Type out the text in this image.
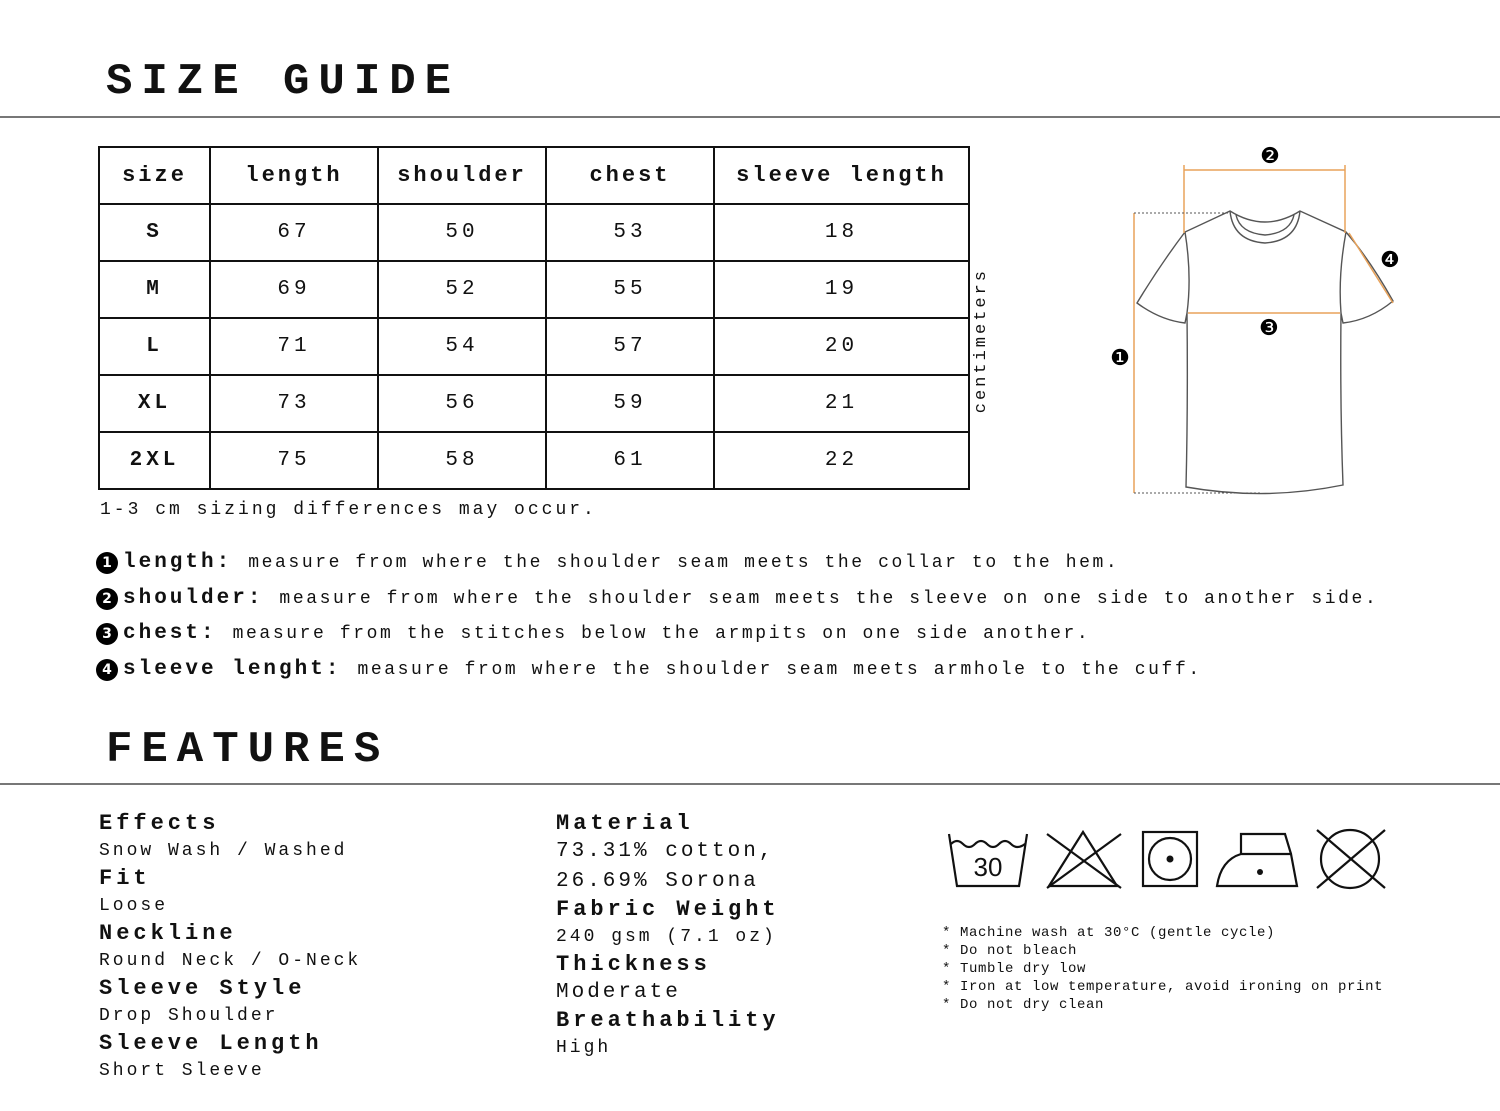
SIZE GUIDE
size	length	shoulder	chest	sleeve length
S	67	50	53	18
M	69	52	55	19
L	71	54	57	20
XL	73	56	59	21
2XL	75	58	61	22
centimeters
1-3 cm sizing differences may occur.
❷
❹
❸
❶
1 length: measure from where the shoulder seam meets the collar to the hem.
2 shoulder: measure from where the shoulder seam meets the sleeve on one side to another side.
3 chest: measure from the stitches below the armpits on one side another.
4 sleeve lenght: measure from where the shoulder seam meets armhole to the cuff.
FEATURES
Effects
Snow Wash / Washed
Fit
Loose
Neckline
Round Neck / O-Neck
Sleeve Style
Drop Shoulder
Sleeve Length
Short Sleeve
Material
73.31% cotton,
26.69% Sorona
Fabric Weight
240 gsm (7.1 oz)
Thickness
Moderate
Breathability
High
30
* Machine wash at 30°C (gentle cycle)
* Do not bleach
* Tumble dry low
* Iron at low temperature, avoid ironing on print
* Do not dry clean
